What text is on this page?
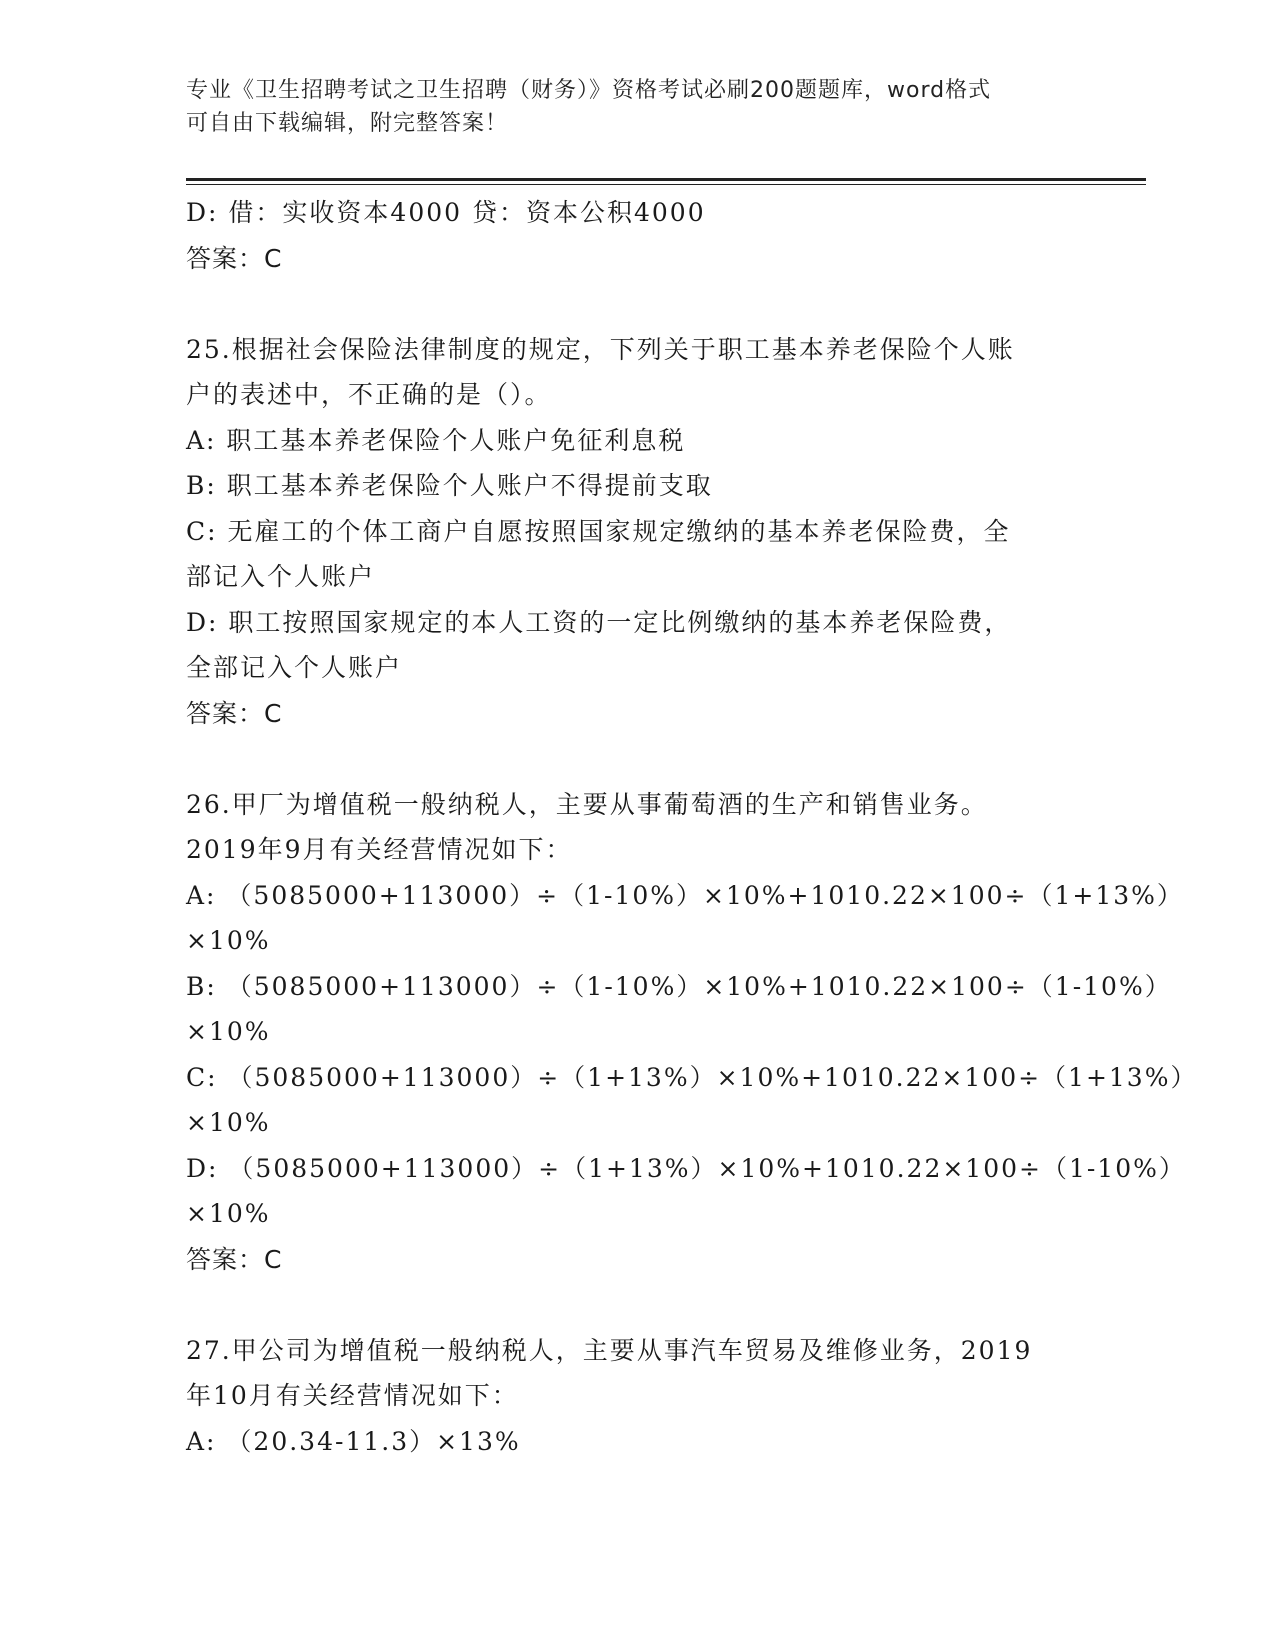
专业《卫生招聘考试之卫生招聘（财务）》资格考试必刷200题题库，word格式
可自由下载编辑，附完整答案！
D: 借：实收资本4000 贷：资本公积4000
答案：C
25.根据社会保险法律制度的规定，下列关于职工基本养老保险个人账
户的表述中，不正确的是（）。
A: 职工基本养老保险个人账户免征利息税
B: 职工基本养老保险个人账户不得提前支取
C: 无雇工的个体工商户自愿按照国家规定缴纳的基本养老保险费，全
部记入个人账户
D: 职工按照国家规定的本人工资的一定比例缴纳的基本养老保险费，
全部记入个人账户
答案：C
26.甲厂为增值税一般纳税人，主要从事葡萄酒的生产和销售业务。
2019年9月有关经营情况如下：
A: （5085000+113000）÷（1-10%）×10%+1010.22×100÷（1+13%）
×10%
B: （5085000+113000）÷（1-10%）×10%+1010.22×100÷（1-10%）
×10%
C: （5085000+113000）÷（1+13%）×10%+1010.22×100÷（1+13%）
×10%
D: （5085000+113000）÷（1+13%）×10%+1010.22×100÷（1-10%）
×10%
答案：C
27.甲公司为增值税一般纳税人，主要从事汽车贸易及维修业务，2019
年10月有关经营情况如下：
A: （20.34-11.3）×13%
